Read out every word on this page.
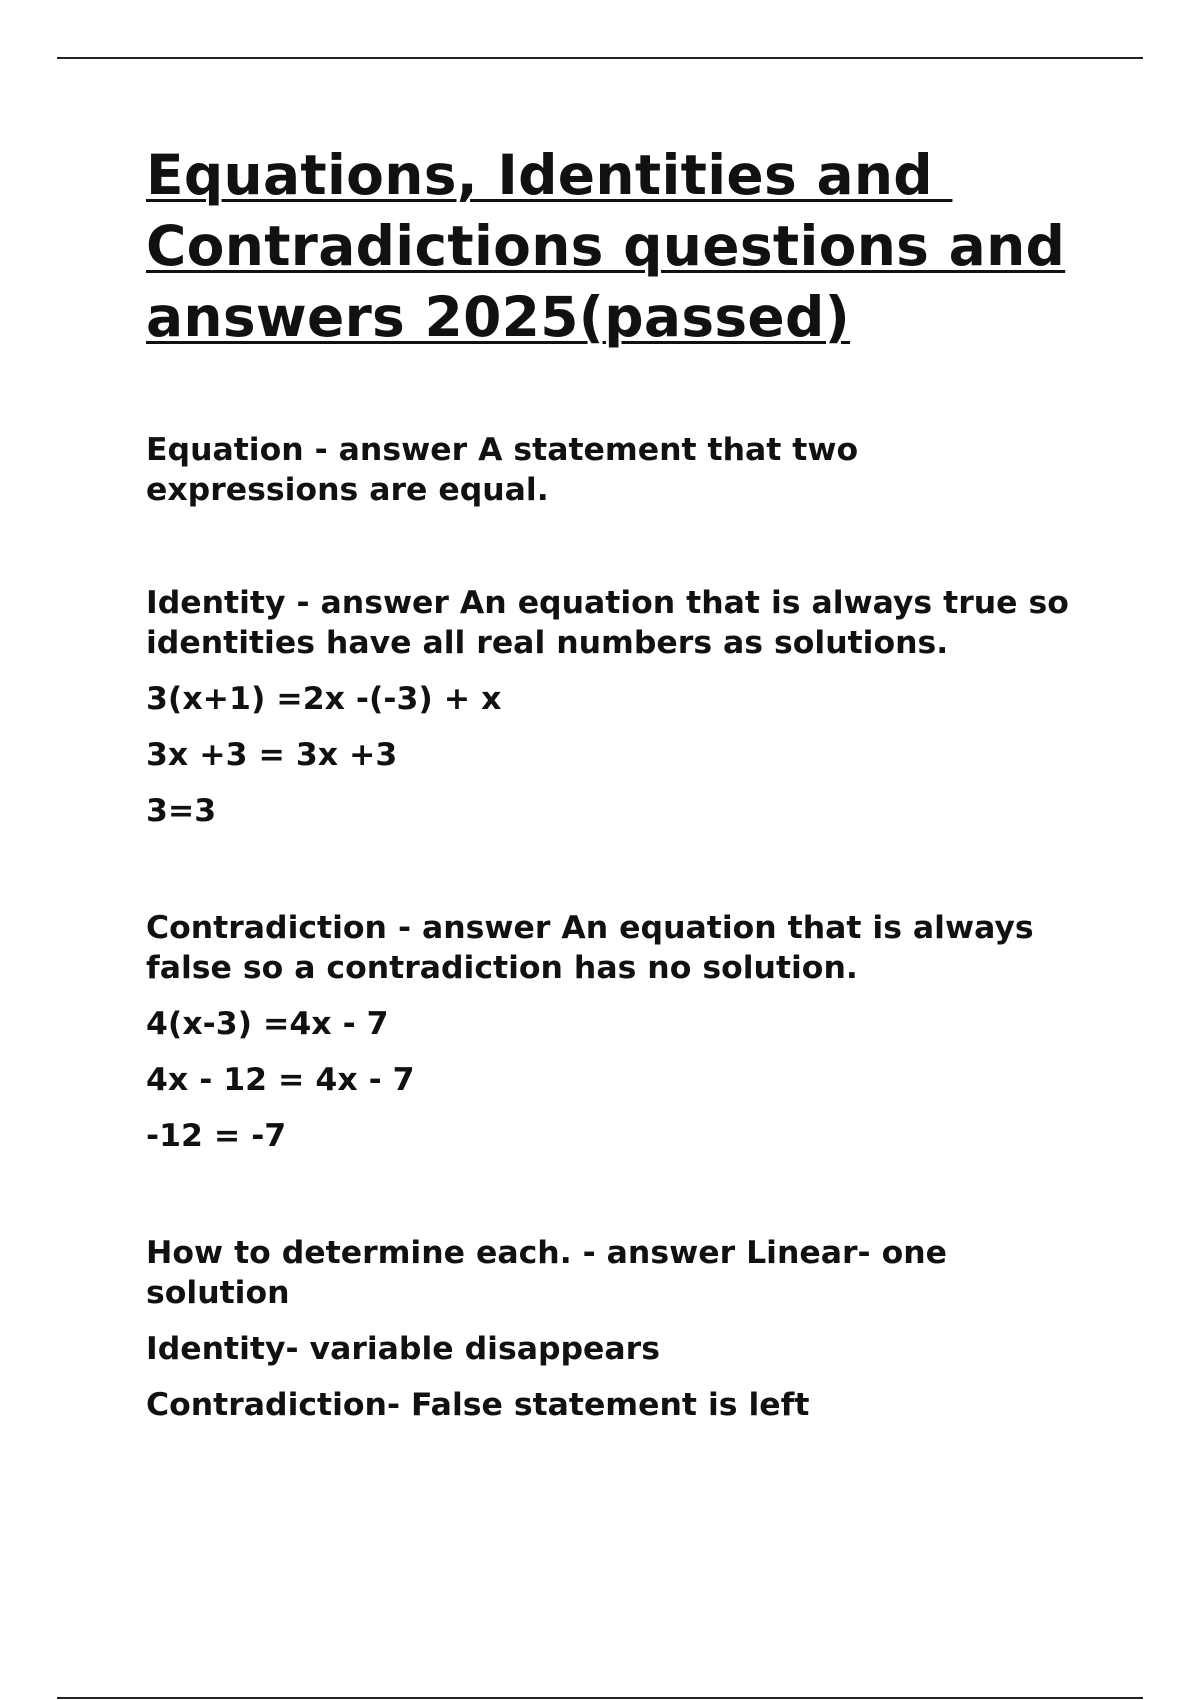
Equations, Identities and
Contradictions questions and
answers 2025(passed)

Equation - answer A statement that two expressions are equal.

Identity - answer An equation that is always true so identities have all real numbers as solutions.

3(x+1) =2x -(-3) + x

3x +3 = 3x +3

3=3

Contradiction - answer An equation that is always false so a contradiction has no solution.

4(x-3) =4x - 7

4x - 12 = 4x - 7

-12 = -7

How to determine each. - answer Linear- one solution

Identity- variable disappears

Contradiction- False statement is left
